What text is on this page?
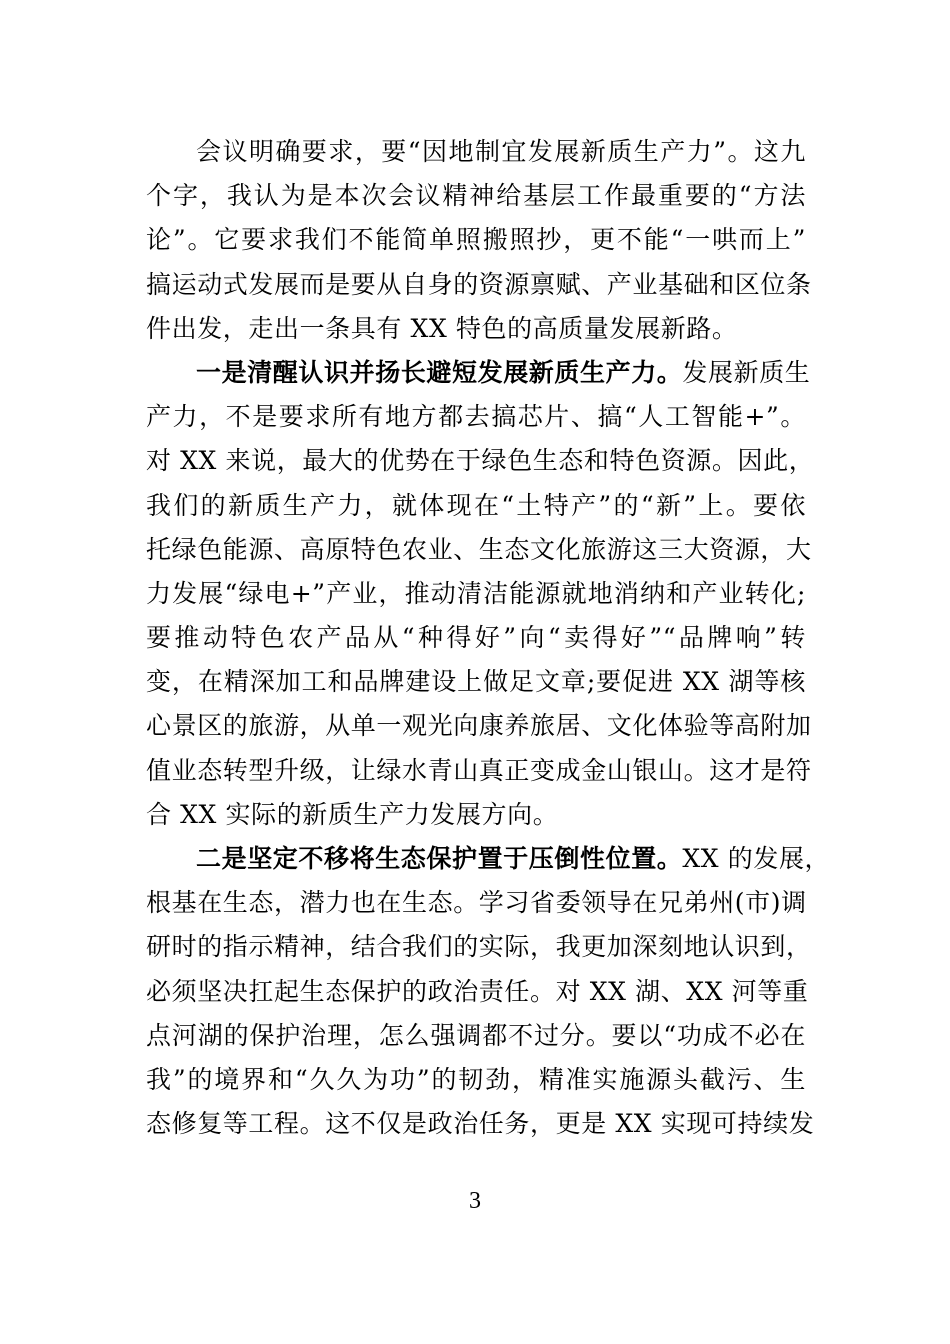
会议明确要求，要“因地制宜发展新质生产力”。这九
个字，我认为是本次会议精神给基层工作最重要的“方法
论”。它要求我们不能简单照搬照抄，更不能“一哄而上”
搞运动式发展而是要从自身的资源禀赋、产业基础和区位条
件出发，走出一条具有 XX 特色的高质量发展新路。
一是清醒认识并扬长避短发展新质生产力。发展新质生
产力，不是要求所有地方都去搞芯片、搞“人工智能+”。
对 XX 来说，最大的优势在于绿色生态和特色资源。因此，
我们的新质生产力，就体现在“土特产”的“新”上。要依
托绿色能源、高原特色农业、生态文化旅游这三大资源，大
力发展“绿电+”产业，推动清洁能源就地消纳和产业转化;
要推动特色农产品从“种得好”向“卖得好”“品牌响”转
变，在精深加工和品牌建设上做足文章;要促进 XX 湖等核
心景区的旅游，从单一观光向康养旅居、文化体验等高附加
值业态转型升级，让绿水青山真正变成金山银山。这才是符
合 XX 实际的新质生产力发展方向。
二是坚定不移将生态保护置于压倒性位置。XX 的发展，
根基在生态，潜力也在生态。学习省委领导在兄弟州(市)调
研时的指示精神，结合我们的实际，我更加深刻地认识到，
必须坚决扛起生态保护的政治责任。对 XX 湖、XX 河等重
点河湖的保护治理，怎么强调都不过分。要以“功成不必在
我”的境界和“久久为功”的韧劲，精准实施源头截污、生
态修复等工程。这不仅是政治任务，更是 XX 实现可持续发
3
